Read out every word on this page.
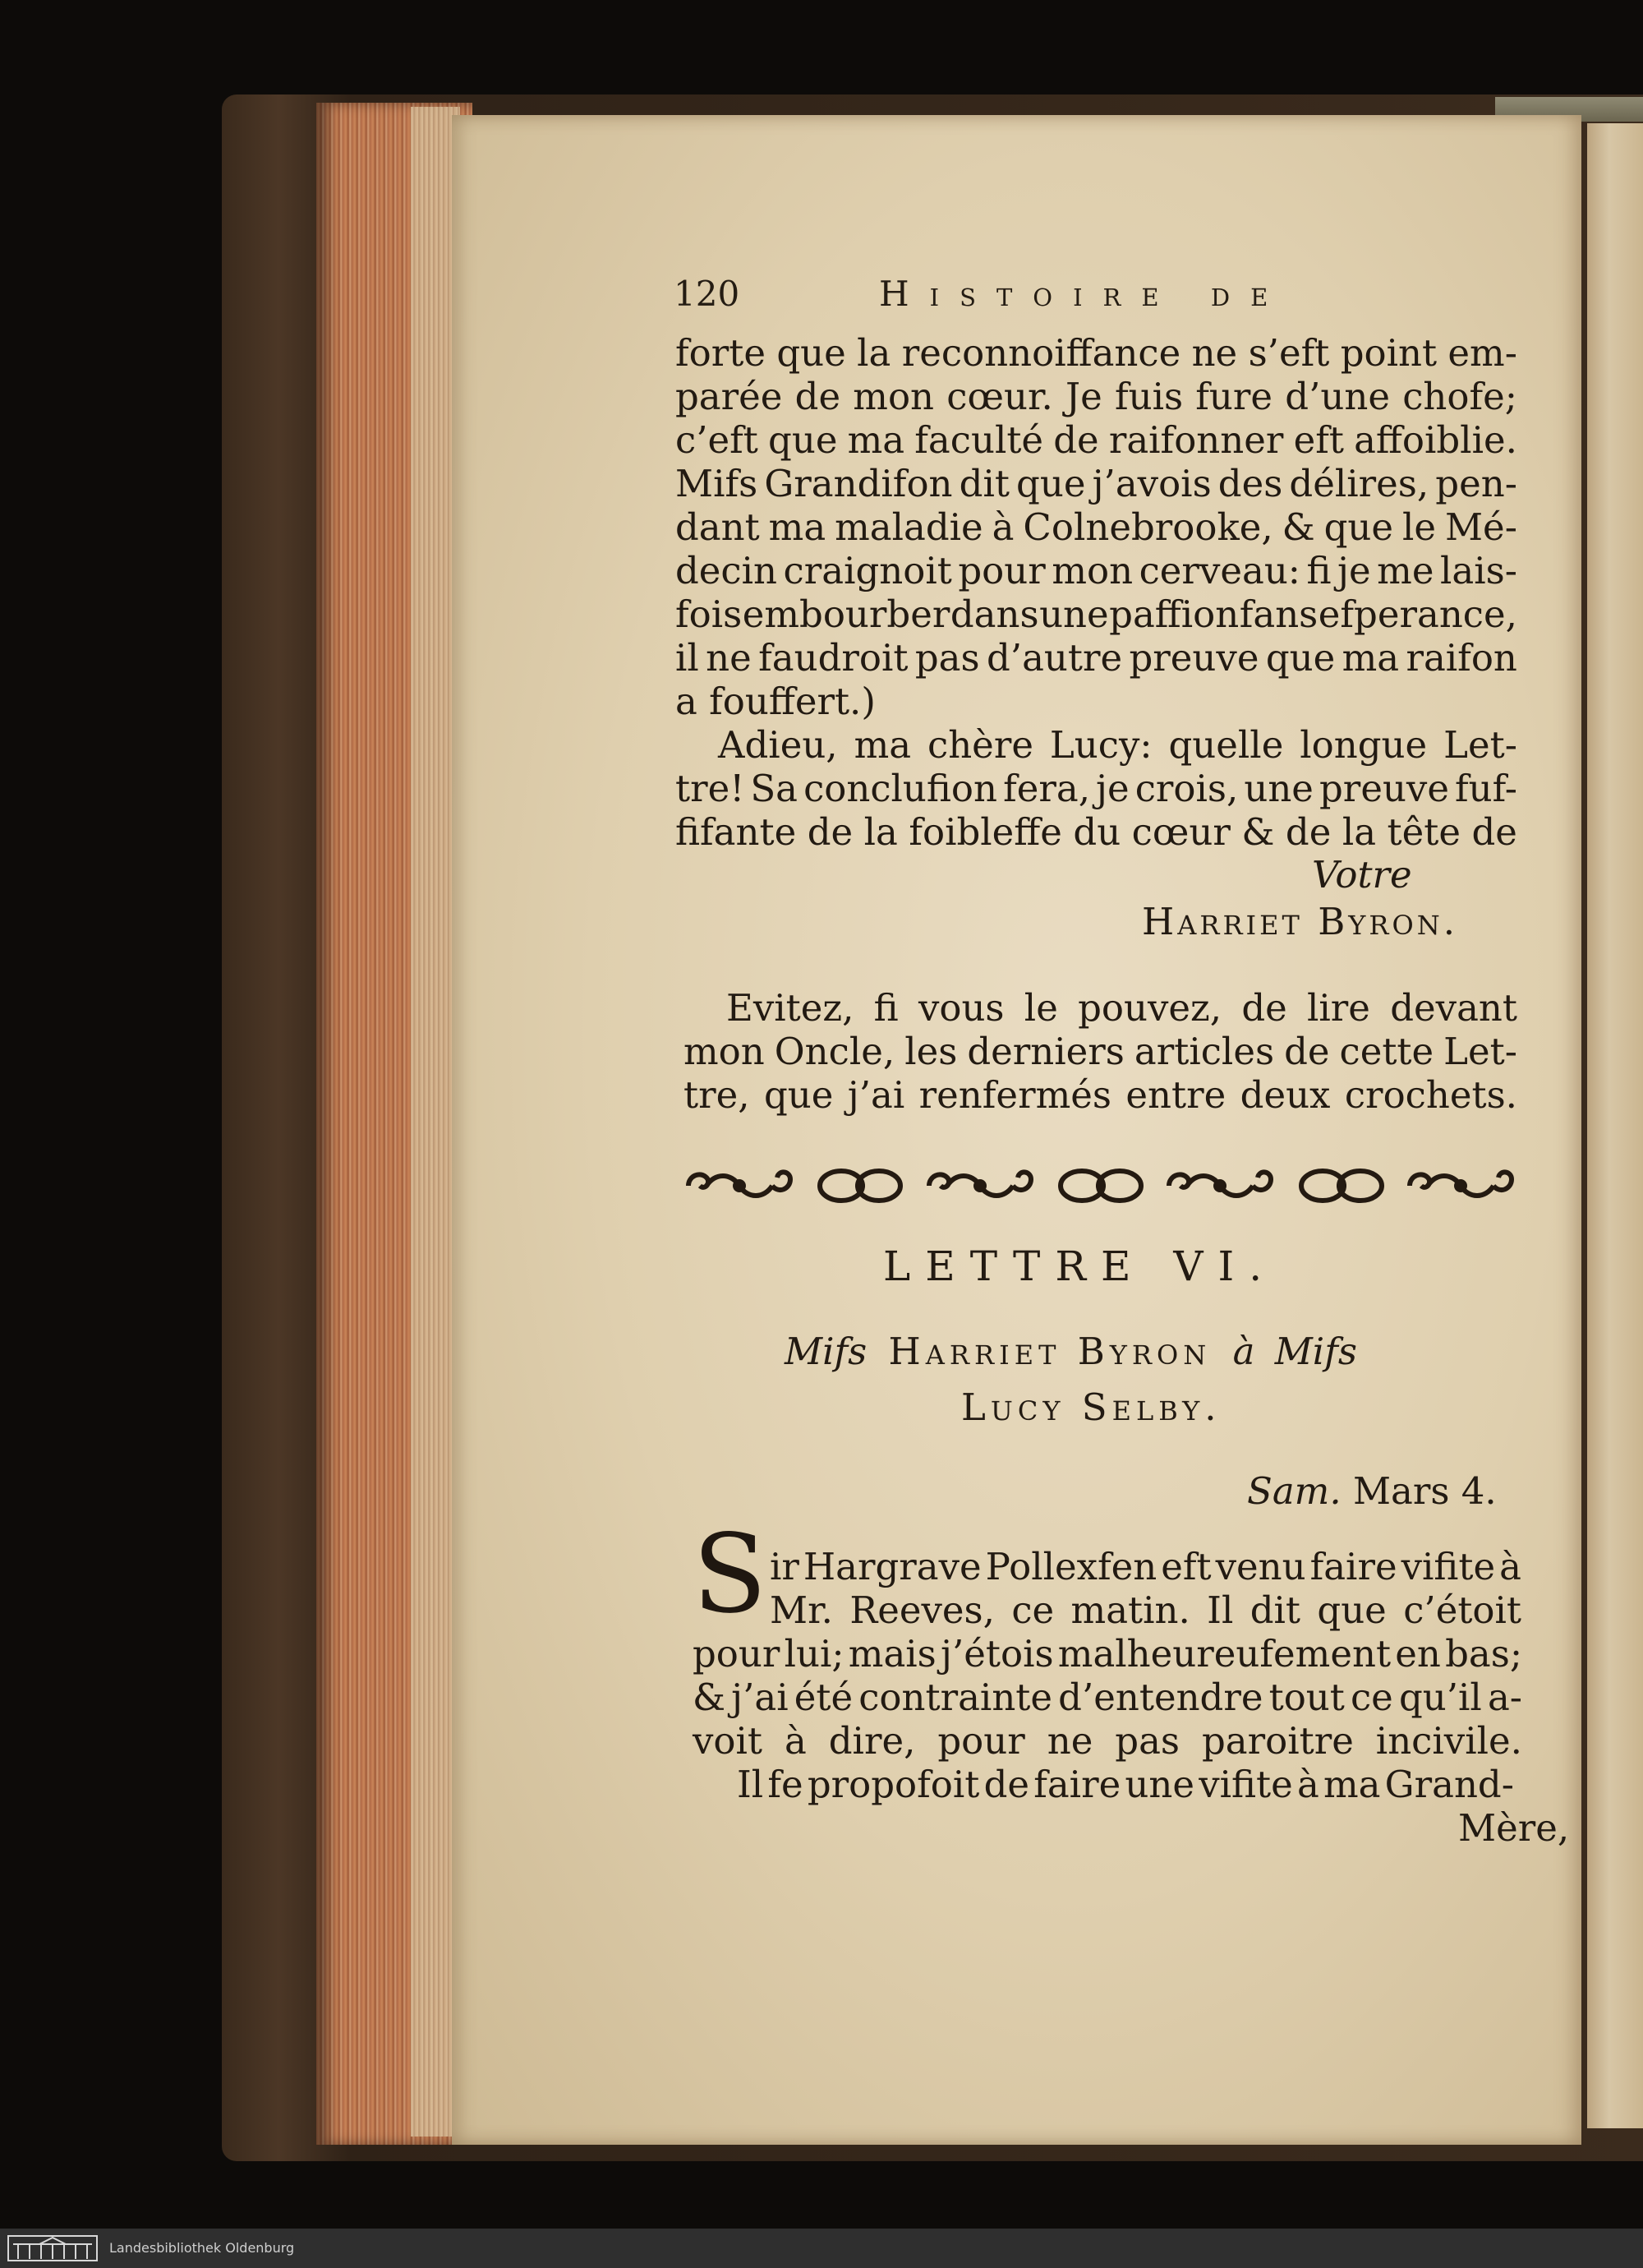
120	Histoire de
forte que la reconnoiffance ne s’eft point em-
parée de mon cœur. Je fuis fure d’une chofe;
c’eft que ma faculté de raifonner eft affoiblie.
Mifs Grandifon dit que j’avois des délires, pen-
dant ma maladie à Colnebrooke, & que le Mé-
decin craignoit pour mon cerveau: fi je me lais-
fois embourber dans une paffion fans efperance,
il ne faudroit pas d’autre preuve que ma raifon
a fouffert.)
Adieu, ma chère Lucy: quelle longue Let-
tre! Sa conclufion fera, je crois, une preuve fuf-
fifante de la foibleffe du cœur & de la tête de
Votre
Harriet Byron.
Evitez, fi vous le pouvez, de lire devant
mon Oncle, les derniers articles de cette Let-
tre, que j’ai renfermés entre deux crochets.
LETTRE VI.
Mifs Harriet Byron à Mifs
Lucy Selby.
Sam. Mars 4.
S ir Hargrave Pollexfen eft venu faire vifite à
Mr. Reeves, ce matin. Il dit que c’étoit
pour lui; mais j’étois malheureufement en bas;
& j’ai été contrainte d’entendre tout ce qu’il a-
voit à dire, pour ne pas paroitre incivile.
Il fe propofoit de faire une vifite à ma Grand-
Mère,
Landesbibliothek Oldenburg
